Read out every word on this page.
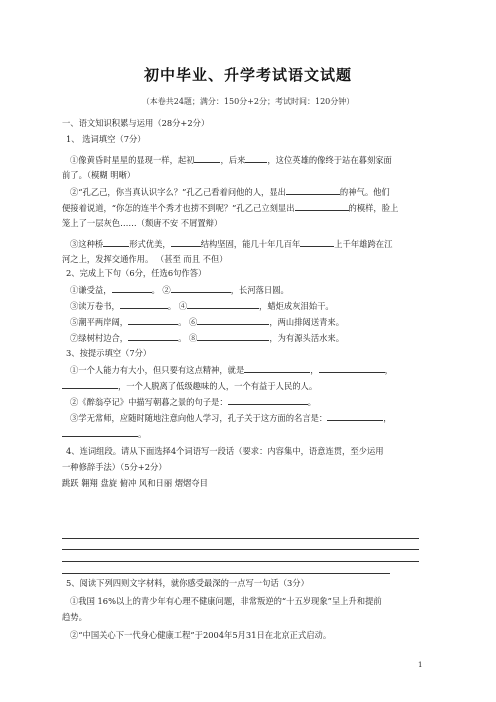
初中毕业、升学考试语文试题
（本卷共24题；满分：150分+2分；考试时间：120分钟）
一、语文知识积累与运用（28分+2分）
1、 选词填空（7分）
①像黄昏时星星的显现一样，起初	，后来	，这位英雄的像终于站在暮刻家面
前了。（模糊 明晰）
②“孔乙己，你当真认识字么？”孔乙己看着问他的人，显出	的神气。他们
便接着说道，“你怎的连半个秀才也捞不到呢？”孔乙己立刻显出	的模样，脸上
笼上了一层灰色……（颓唐不安 不屑置辩）
③这种桥	形式优美，	结构坚固，能几十年几百年	上千年雄跨在江
河之上，发挥交通作用。 （甚至 而且 不但）
2、完成上下句（6分，任选6句作答）
①谦受益，	。 ②	，长河落日圆。
③读万卷书，	。 ④	，蜡炬成灰泪始干。
⑤潮平两岸阔，	。 ⑥	，两山排闼送青来。
⑦绿树村边合，	。 ⑧	，为有源头活水来。
3、按提示填空（7分）
①一个人能力有大小，但只要有这点精神，就是	，	，
，一个人脱离了低级趣味的人，一个有益于人民的人。
②《醉翁亭记》中描写朝暮之景的句子是：	。
③学无常师，应随时随地注意向他人学习，孔子关于这方面的名言是：	，
。
4、连词组段。请从下面选择4个词语写一段话（要求：内容集中，语意连贯，至少运用
一种修辞手法）（5分+2分）
跳跃 翱翔 盘旋 俯冲 风和日丽 熠熠夺目
5、阅读下列四则文字材料，就你感受最深的一点写一句话（3分）
①我国 16%以上的青少年有心理不健康问题，非常叛逆的“十五岁现象”呈上升和提前
趋势。
②“中国关心下一代身心健康工程”于2004年5月31日在北京正式启动。
1
